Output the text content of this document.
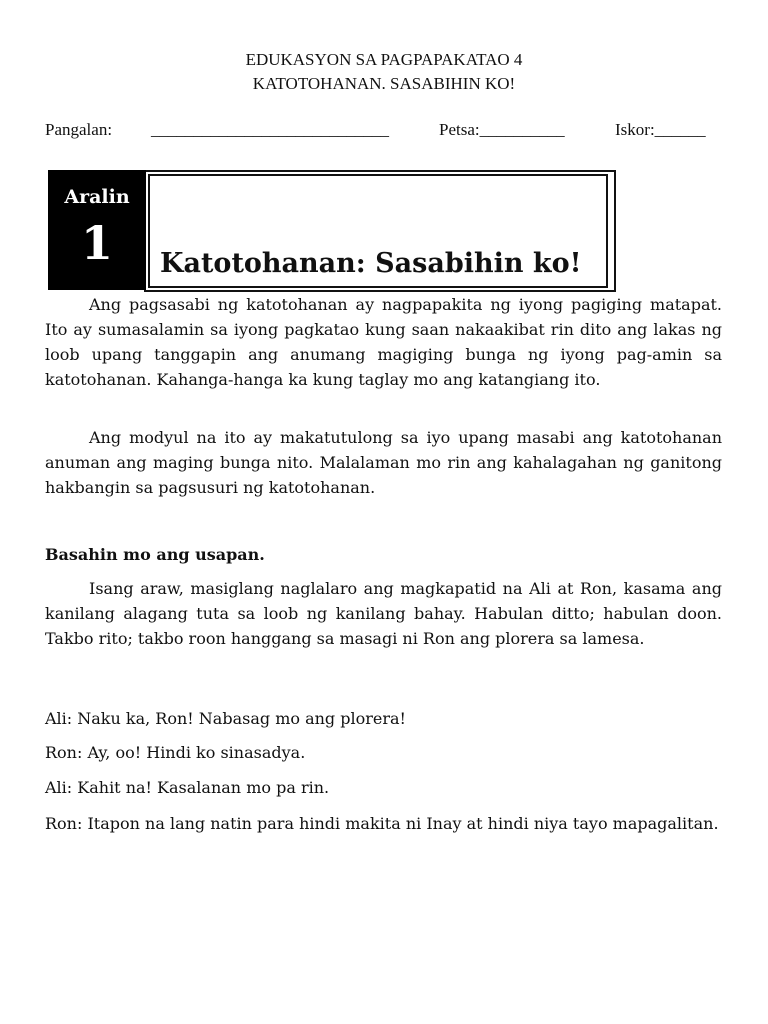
EDUKASYON SA PAGPAPAKATAO 4
KATOTOHANAN. SASABIHIN KO!
Pangalan: ____________________________	Petsa:__________	Iskor:______
Aralin
1	Katotohanan: Sasabihin ko!

Ang pagsasabi ng katotohanan ay nagpapakita ng iyong pagiging matapat. Ito ay sumasalamin sa iyong pagkatao kung saan nakaakibat rin dito ang lakas ng loob upang tanggapin ang anumang magiging bunga ng iyong pag-amin sa katotohanan. Kahanga-hanga ka kung taglay mo ang katangiang ito.

Ang modyul na ito ay makatutulong sa iyo upang masabi ang katotohanan anuman ang maging bunga nito. Malalaman mo rin ang kahalagahan ng ganitong hakbangin sa pagsusuri ng katotohanan.

Basahin mo ang usapan.

Isang araw, masiglang naglalaro ang magkapatid na Ali at Ron, kasama ang kanilang alagang tuta sa loob ng kanilang bahay. Habulan ditto; habulan doon. Takbo rito; takbo roon hanggang sa masagi ni Ron ang plorera sa lamesa.

Ali: Naku ka, Ron! Nabasag mo ang plorera!

Ron: Ay, oo! Hindi ko sinasadya.

Ali: Kahit na! Kasalanan mo pa rin.

Ron: Itapon na lang natin para hindi makita ni Inay at hindi niya tayo mapagalitan.
